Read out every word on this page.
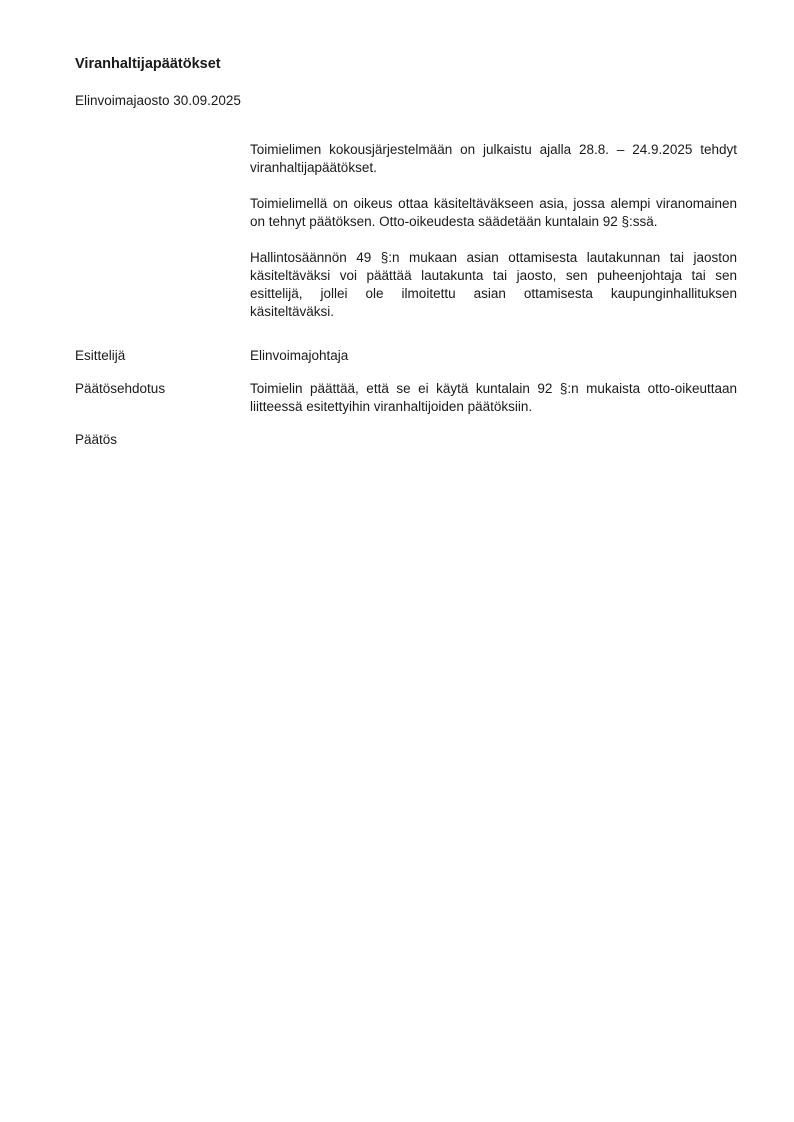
Viranhaltijapäätökset

Elinvoimajaosto 30.09.2025

Toimielimen kokousjärjestelmään on julkaistu ajalla 28.8. – 24.9.2025 tehdyt viranhaltijapäätökset.

Toimielimellä on oikeus ottaa käsiteltäväkseen asia, jossa alempi viranomainen on tehnyt päätöksen. Otto-oikeudesta säädetään kuntalain 92 §:ssä.

Hallintosäännön 49 §:n mukaan asian ottamisesta lautakunnan tai jaoston käsiteltäväksi voi päättää lautakunta tai jaosto, sen puheenjohtaja tai sen esittelijä, jollei ole ilmoitettu asian ottamisesta kaupunginhallituksen käsiteltäväksi.

Esittelijä	Elinvoimajohtaja
Päätösehdotus	Toimielin päättää, että se ei käytä kuntalain 92 §:n mukaista otto-oikeuttaan liitteessä esitettyihin viranhaltijoiden päätöksiin.
Päätös
